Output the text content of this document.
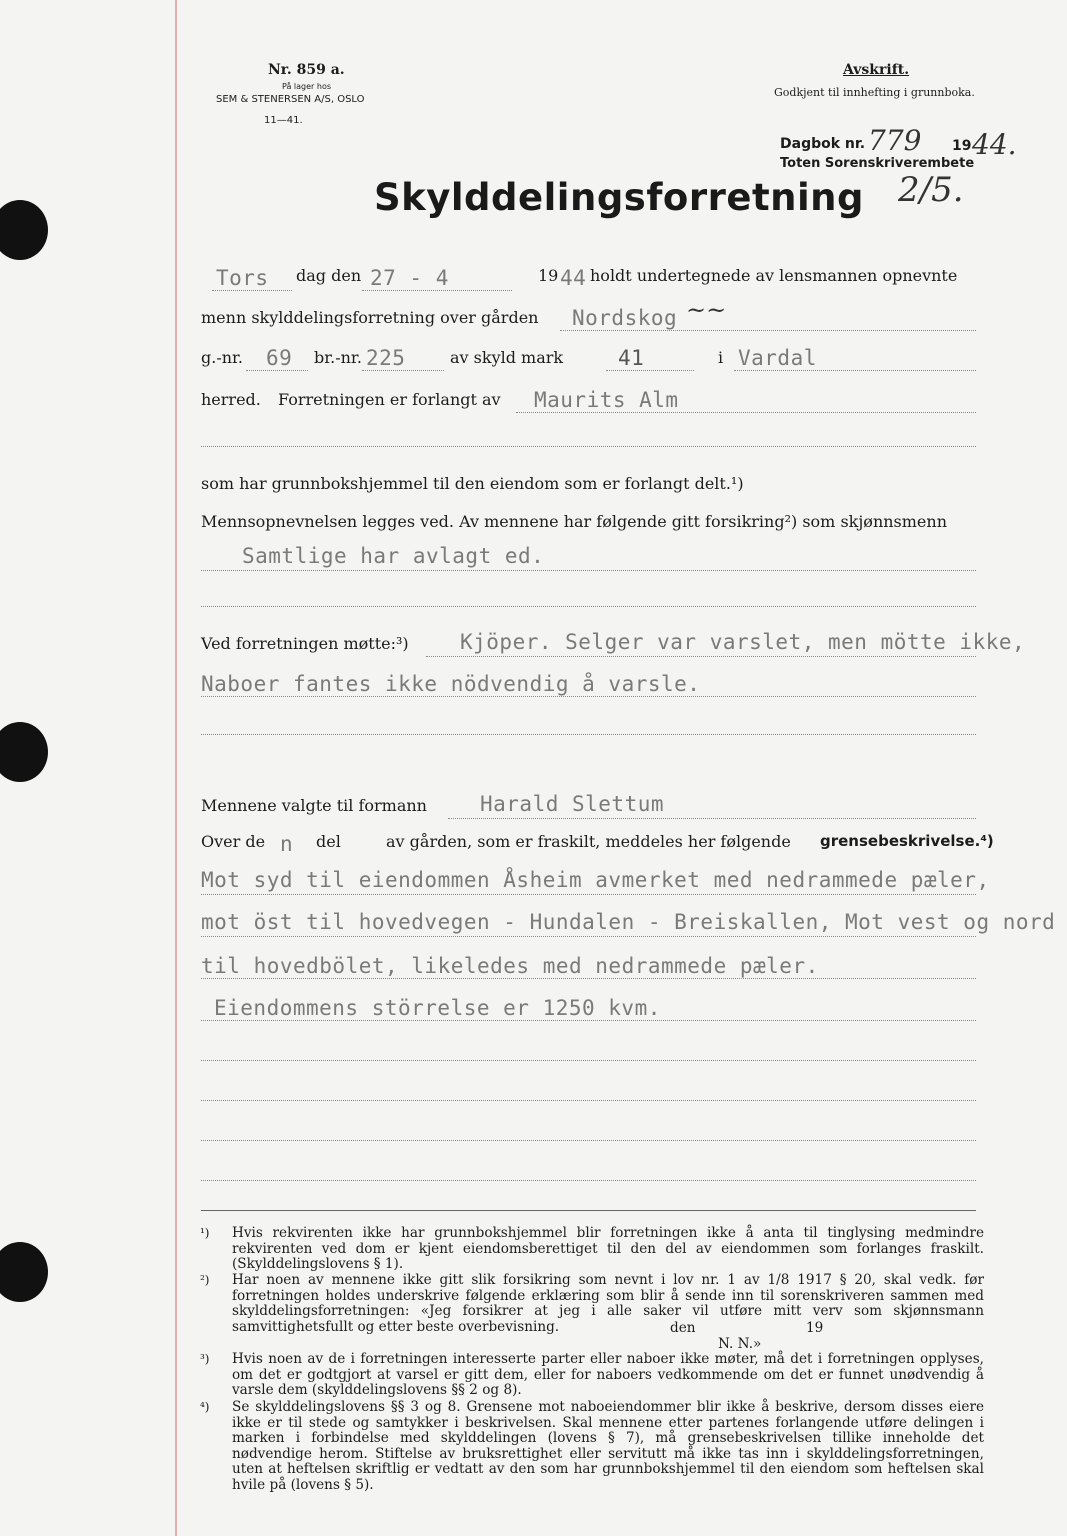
Nr. 859 a.
På lager hos
SEM & STENERSEN A/S, OSLO
11—41.
Avskrift.
Godkjent til innhefting i grunnboka.
Dagbok nr. 779 19 44.
Toten Sorenskriverembete
2/5.
Skylddelingsforretning
Tors dag den 27 - 4	19 44 holdt undertegnede av lensmannen opnevnte
menn skylddelingsforretning over gården Nordskog ~~
g.-nr. 69 br.-nr. 225	av skyld mark	41	i Vardal
herred. Forretningen er forlangt av Maurits Alm
som har grunnbokshjemmel til den eiendom som er forlangt delt.¹)
Mennsopnevnelsen legges ved. Av mennene har følgende gitt forsikring²) som skjønnsmenn
Samtlige har avlagt ed.
Ved forretningen møtte:³) Kjöper. Selger var varslet, men mötte ikke,
Naboer fantes ikke nödvendig å varsle.
Mennene valgte til formann	Harald Slettum
Over de n del	av gården, som er fraskilt, meddeles her følgende grensebeskrivelse.⁴)
Mot syd til eiendommen Åsheim avmerket med nedrammede pæler,
mot öst til hovedvegen - Hundalen - Breiskallen, Mot vest og nord
til hovedbölet, likeledes med nedrammede pæler.
Eiendommens störrelse er 1250 kvm.
¹) Hvis rekvirenten ikke har grunnbokshjemmel blir forretningen ikke å anta til tinglysing medmindre rekvirenten ved dom er kjent eiendomsberettiget til den del av eiendommen som forlanges fraskilt. (Skylddelingslovens § 1).
²) Har noen av mennene ikke gitt slik forsikring som nevnt i lov nr. 1 av 1/8 1917 § 20, skal vedk. før forretningen holdes underskrive følgende erklæring som blir å sende inn til sorenskriveren sammen med skylddelingsforretningen: «Jeg forsikrer at jeg i alle saker vil utføre mitt verv som skjønnsmann samvittighetsfullt og etter beste overbevisning.	den	19
N. N.»
³) Hvis noen av de i forretningen interesserte parter eller naboer ikke møter, må det i forretningen opplyses, om det er godtgjort at varsel er gitt dem, eller for naboers vedkommende om det er funnet unødvendig å varsle dem (skylddelingslovens §§ 2 og 8).
⁴) Se skylddelingslovens §§ 3 og 8. Grensene mot naboeiendommer blir ikke å beskrive, dersom disses eiere ikke er til stede og samtykker i beskrivelsen. Skal mennene etter partenes forlangende utføre delingen i marken i forbindelse med skylddelingen (lovens § 7), må grensebeskrivelsen tillike inneholde det nødvendige herom. Stiftelse av bruksrettighet eller servitutt må ikke tas inn i skylddelingsforretningen, uten at heftelsen skriftlig er vedtatt av den som har grunnbokshjemmel til den eiendom som heftelsen skal hvile på (lovens § 5).
